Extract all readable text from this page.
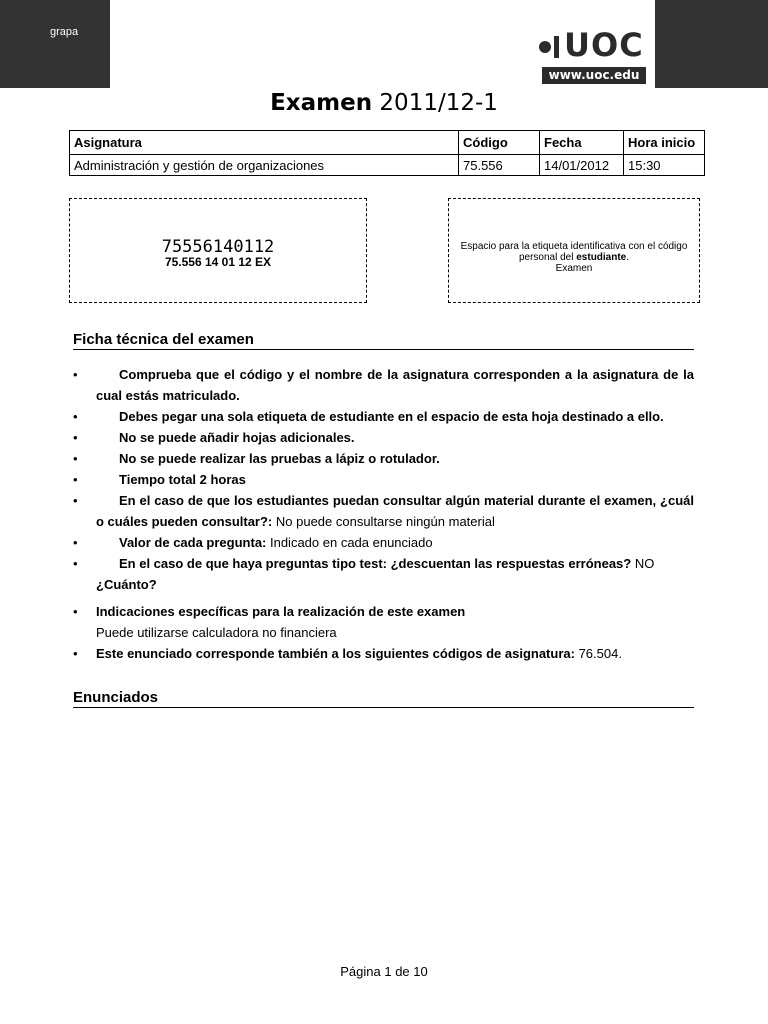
grapa	UOC
www.uoc.edu
Examen 2011/12-1
Asignatura	Código	Fecha	Hora inicio
Administración y gestión de organizaciones	75.556	14/01/2012	15:30
75556140112
75.556 14 01 12 EX
Espacio para la etiqueta identificativa con el código
personal del estudiante.
Examen
Ficha técnica del examen
•	Comprueba que el código y el nombre de la asignatura corresponden a la asignatura de la cual estás matriculado.
•	Debes pegar una sola etiqueta de estudiante en el espacio de esta hoja destinado a ello.
•	No se puede añadir hojas adicionales.
•	No se puede realizar las pruebas a lápiz o rotulador.
•	Tiempo total 2 horas
•	En el caso de que los estudiantes puedan consultar algún material durante el examen, ¿cuál o cuáles pueden consultar?: No puede consultarse ningún material
•	Valor de cada pregunta: Indicado en cada enunciado
•	En el caso de que haya preguntas tipo test: ¿descuentan las respuestas erróneas? NO
¿Cuánto?
• Indicaciones específicas para la realización de este examen
Puede utilizarse calculadora no financiera
• Este enunciado corresponde también a los siguientes códigos de asignatura: 76.504.
Enunciados
Página 1 de 10
